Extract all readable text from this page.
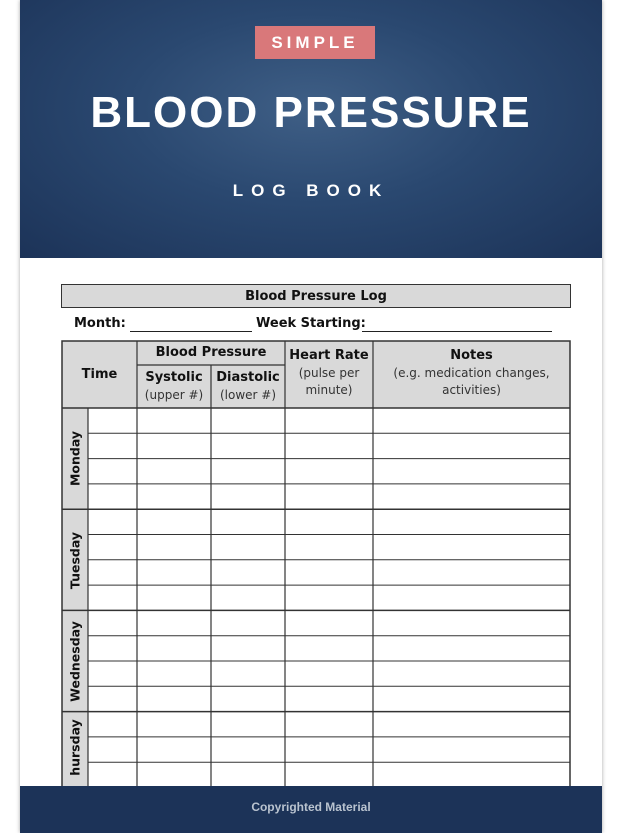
SIMPLE
BLOOD PRESSURE
LOG BOOK
Blood Pressure Log
Month:	Week Starting:
Time
Blood Pressure
Systolic
(upper #)
Diastolic
(lower #)
Heart Rate
(pulse per
minute)
Notes
(e.g. medication changes,
activities)
Monday
Tuesday
Wednesday
hursday
Copyrighted Material
